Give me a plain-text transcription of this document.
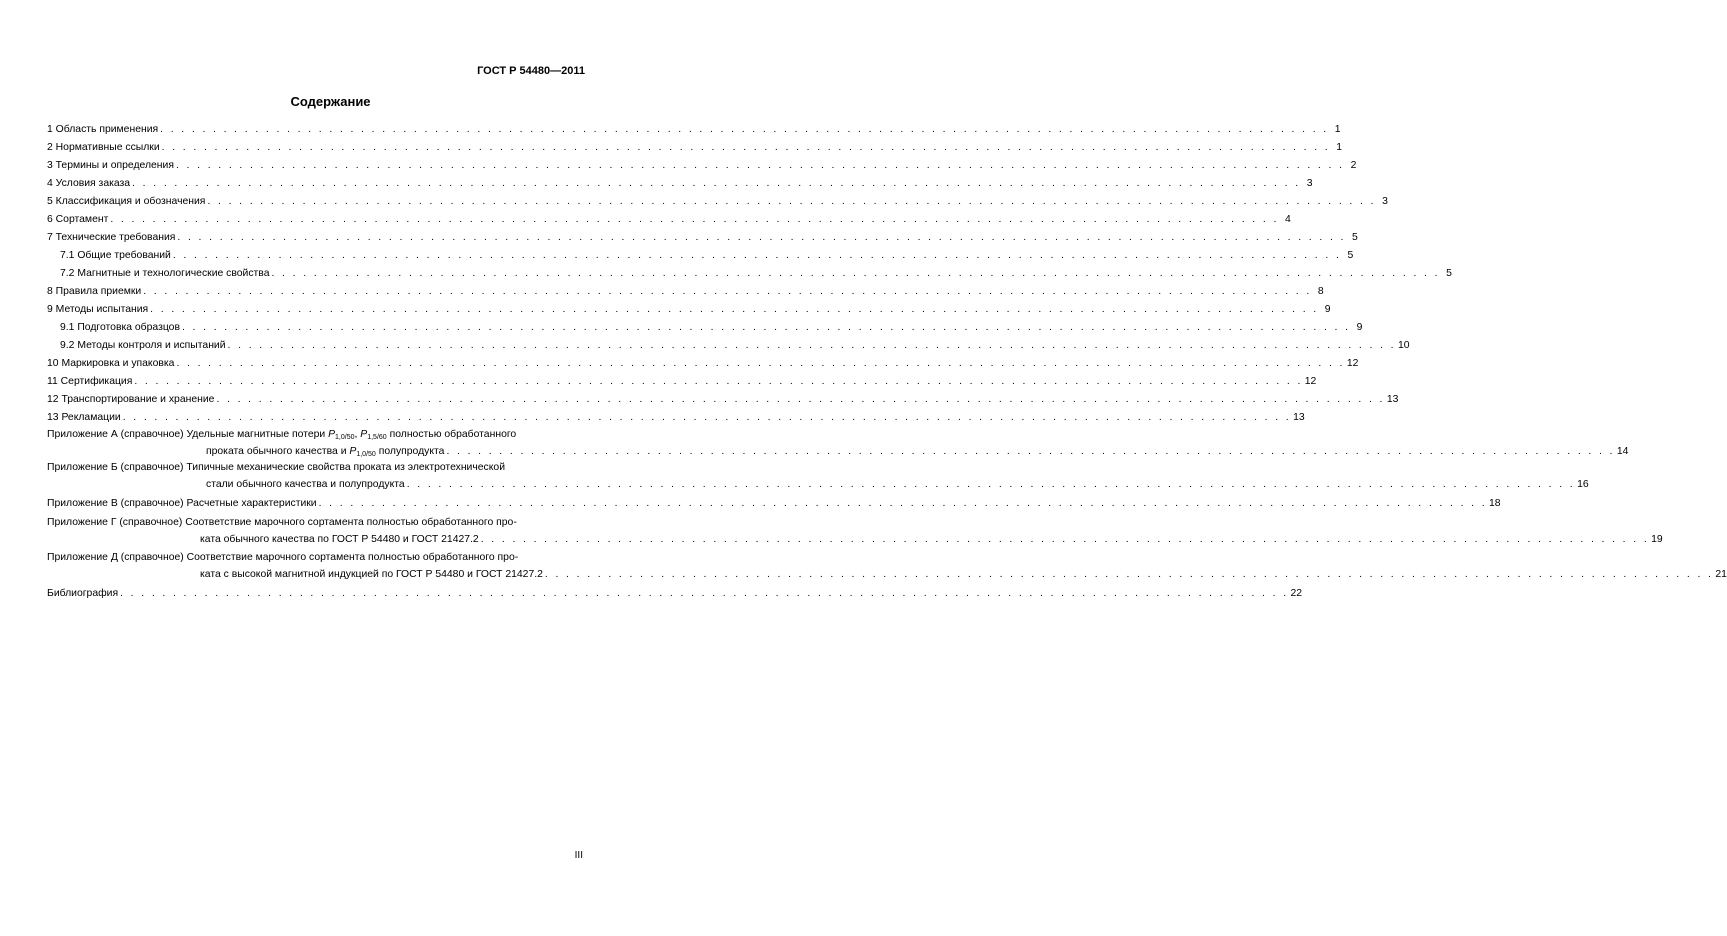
ГОСТ Р 54480—2011
Содержание
1 Область применения . . . . . . . . . . . . . . . . . . . . . . . . . . . . . . . . . . . . . . . . . . . . . . . . . . . . . . . . . . . . . . . . . . . . . . . . . . . . . . . . . . . . . . . . . . . . . . . . . . . . . . . . . . . . . . . 1
2 Нормативные ссылки . . . . . . . . . . . . . . . . . . . . . . . . . . . . . . . . . . . . . . . . . . . . . . . . . . . . . . . . . . . . . . . . . . . . . . . . . . . . . . . . . . . . . . . . . . . . . . . . . . . . . . . . . . . . . . . 1
3 Термины и определения . . . . . . . . . . . . . . . . . . . . . . . . . . . . . . . . . . . . . . . . . . . . . . . . . . . . . . . . . . . . . . . . . . . . . . . . . . . . . . . . . . . . . . . . . . . . . . . . . . . . . . . . . . . . . . . 2
4 Условия заказа . . . . . . . . . . . . . . . . . . . . . . . . . . . . . . . . . . . . . . . . . . . . . . . . . . . . . . . . . . . . . . . . . . . . . . . . . . . . . . . . . . . . . . . . . . . . . . . . . . . . . . . . . . . . . . . 3
5 Классификация и обозначения . . . . . . . . . . . . . . . . . . . . . . . . . . . . . . . . . . . . . . . . . . . . . . . . . . . . . . . . . . . . . . . . . . . . . . . . . . . . . . . . . . . . . . . . . . . . . . . . . . . . . . . . . . . . . . . 3
6 Сортамент . . . . . . . . . . . . . . . . . . . . . . . . . . . . . . . . . . . . . . . . . . . . . . . . . . . . . . . . . . . . . . . . . . . . . . . . . . . . . . . . . . . . . . . . . . . . . . . . . . . . . . . . . . . . . . . 4
7 Технические требования . . . . . . . . . . . . . . . . . . . . . . . . . . . . . . . . . . . . . . . . . . . . . . . . . . . . . . . . . . . . . . . . . . . . . . . . . . . . . . . . . . . . . . . . . . . . . . . . . . . . . . . . . . . . . . . 5
7.1 Общие требований . . . . . . . . . . . . . . . . . . . . . . . . . . . . . . . . . . . . . . . . . . . . . . . . . . . . . . . . . . . . . . . . . . . . . . . . . . . . . . . . . . . . . . . . . . . . . . . . . . . . . . . . . . . . . . . 5
7.2 Магнитные и технологические свойства . . . . . . . . . . . . . . . . . . . . . . . . . . . . . . . . . . . . . . . . . . . . . . . . . . . . . . . . . . . . . . . . . . . . . . . . . . . . . . . . . . . . . . . . . . . . . . . . . . . . . . . . . . . . . . . 5
8 Правила приемки . . . . . . . . . . . . . . . . . . . . . . . . . . . . . . . . . . . . . . . . . . . . . . . . . . . . . . . . . . . . . . . . . . . . . . . . . . . . . . . . . . . . . . . . . . . . . . . . . . . . . . . . . . . . . . . 8
9 Методы испытания . . . . . . . . . . . . . . . . . . . . . . . . . . . . . . . . . . . . . . . . . . . . . . . . . . . . . . . . . . . . . . . . . . . . . . . . . . . . . . . . . . . . . . . . . . . . . . . . . . . . . . . . . . . . . . . 9
9.1 Подготовка образцов . . . . . . . . . . . . . . . . . . . . . . . . . . . . . . . . . . . . . . . . . . . . . . . . . . . . . . . . . . . . . . . . . . . . . . . . . . . . . . . . . . . . . . . . . . . . . . . . . . . . . . . . . . . . . . . 9
9.2 Методы контроля и испытаний . . . . . . . . . . . . . . . . . . . . . . . . . . . . . . . . . . . . . . . . . . . . . . . . . . . . . . . . . . . . . . . . . . . . . . . . . . . . . . . . . . . . . . . . . . . . . . . . . . . . . . . . . . . . . . . 10
10 Маркировка и упаковка . . . . . . . . . . . . . . . . . . . . . . . . . . . . . . . . . . . . . . . . . . . . . . . . . . . . . . . . . . . . . . . . . . . . . . . . . . . . . . . . . . . . . . . . . . . . . . . . . . . . . . . . . . . . . . . 12
11 Сертификация . . . . . . . . . . . . . . . . . . . . . . . . . . . . . . . . . . . . . . . . . . . . . . . . . . . . . . . . . . . . . . . . . . . . . . . . . . . . . . . . . . . . . . . . . . . . . . . . . . . . . . . . . . . . . . . 12
12 Транспортирование и хранение . . . . . . . . . . . . . . . . . . . . . . . . . . . . . . . . . . . . . . . . . . . . . . . . . . . . . . . . . . . . . . . . . . . . . . . . . . . . . . . . . . . . . . . . . . . . . . . . . . . . . . . . . . . . . . . 13
13 Рекламации . . . . . . . . . . . . . . . . . . . . . . . . . . . . . . . . . . . . . . . . . . . . . . . . . . . . . . . . . . . . . . . . . . . . . . . . . . . . . . . . . . . . . . . . . . . . . . . . . . . . . . . . . . . . . . . 13
Приложение А (справочное) Удельные магнитные потери $P_{1,0/50}$, $P_{1,5/60}$ полностью обработанного
проката обычного качества и $P_{1,0/50}$ полупродукта . . . . . . . . . . . . . . . . . . . . . . . . . . . . . . . . . . . . . . . . . . . . . . . . . . . . . . . . . . . . . . . . . . . . . . . . . . . . . . . . . . . . . . . . . . . . . . . . . . . . . . . . . . . . . . . 14
Приложение Б (справочное) Типичные механические свойства проката из электротехнической
стали обычного качества и полупродукта . . . . . . . . . . . . . . . . . . . . . . . . . . . . . . . . . . . . . . . . . . . . . . . . . . . . . . . . . . . . . . . . . . . . . . . . . . . . . . . . . . . . . . . . . . . . . . . . . . . . . . . . . . . . . . . 16
Приложение В (справочное) Расчетные характеристики . . . . . . . . . . . . . . . . . . . . . . . . . . . . . . . . . . . . . . . . . . . . . . . . . . . . . . . . . . . . . . . . . . . . . . . . . . . . . . . . . . . . . . . . . . . . . . . . . . . . . . . . . . . . . . . 18
Приложение Г (справочное) Соответствие марочного сортамента полностью обработанного про-
ката обычного качества по ГОСТ Р 54480 и ГОСТ 21427.2 . . . . . . . . . . . . . . . . . . . . . . . . . . . . . . . . . . . . . . . . . . . . . . . . . . . . . . . . . . . . . . . . . . . . . . . . . . . . . . . . . . . . . . . . . . . . . . . . . . . . . . . . . . . . . . . 19
Приложение Д (справочное) Соответствие марочного сортамента полностью обработанного про-
ката с высокой магнитной индукцией по ГОСТ Р 54480 и ГОСТ 21427.2 . . . . . . . . . . . . . . . . . . . . . . . . . . . . . . . . . . . . . . . . . . . . . . . . . . . . . . . . . . . . . . . . . . . . . . . . . . . . . . . . . . . . . . . . . . . . . . . . . . . . . . . . . . . . . . . 21
Библиография . . . . . . . . . . . . . . . . . . . . . . . . . . . . . . . . . . . . . . . . . . . . . . . . . . . . . . . . . . . . . . . . . . . . . . . . . . . . . . . . . . . . . . . . . . . . . . . . . . . . . . . . . . . . . . . 22
III
